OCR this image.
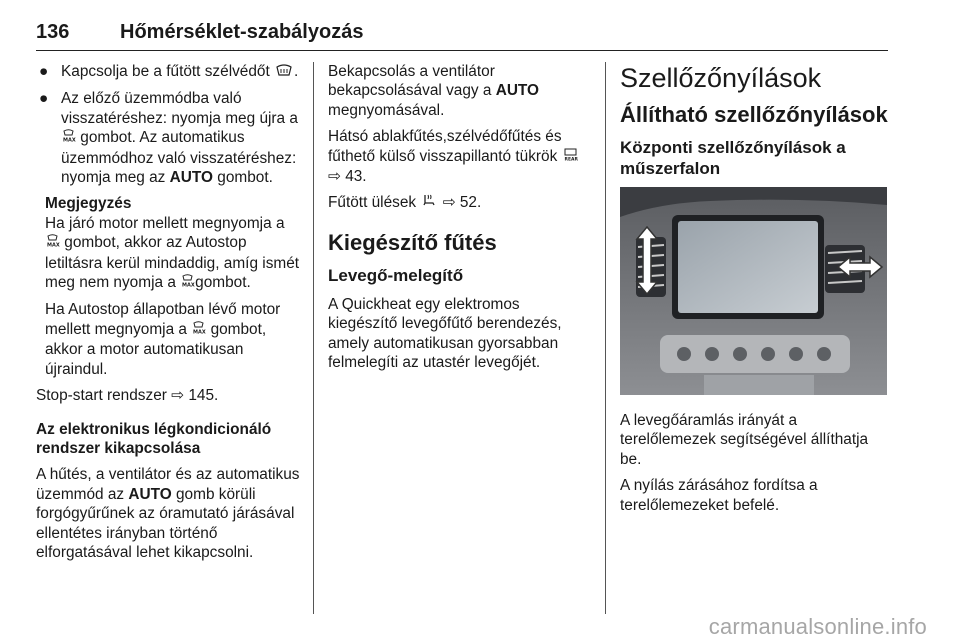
136	Hőmérséklet-szabályozás
● Kapcsolja be a fűtött szélvédőt .
● Az előző üzemmódba való visszatéréshez: nyomja meg újra a
MAX gombot. Az automatikus üzemmódhoz való visszatéréshez: nyomja meg az AUTO gombot.

Megjegyzés

Ha járó motor mellett megnyomja a

MAX gombot, akkor az Autostop letiltásra kerül mindaddig, amíg ismét meg nem nyomja a MAX gombot.

Ha Autostop állapotban lévő motor mellett megnyomja a MAX gombot, akkor a motor automatikusan újraindul.

Stop-start rendszer ⇨ 145.

Az elektronikus légkondicionáló rendszer kikapcsolása

A hűtés, a ventilátor és az automatikus üzemmód az AUTO gomb körüli forgógyűrűnek az óramutató járásával ellentétes irányban történő elforgatásával lehet kikapcsolni.

Bekapcsolás a ventilátor bekapcsolásával vagy a AUTO megnyomásával.

Hátsó ablakfűtés,szélvédőfűtés és fűthető külső visszapillantó tükrök REAR
⇨ 43.

Fűtött ülések ⇨ 52.

Kiegészítő fűtés
Levegő-melegítő

A Quickheat egy elektromos kiegészítő levegőfűtő berendezés, amely automatikusan gyorsabban felmelegíti az utastér levegőjét.

Szellőzőnyílások
Állítható szellőzőnyílások
Központi szellőzőnyílások a műszerfalon

A levegőáramlás irányát a terelőlemezek segítségével állíthatja be.

A nyílás zárásához fordítsa a terelőlemezeket befelé.

carmanualsonline.info
